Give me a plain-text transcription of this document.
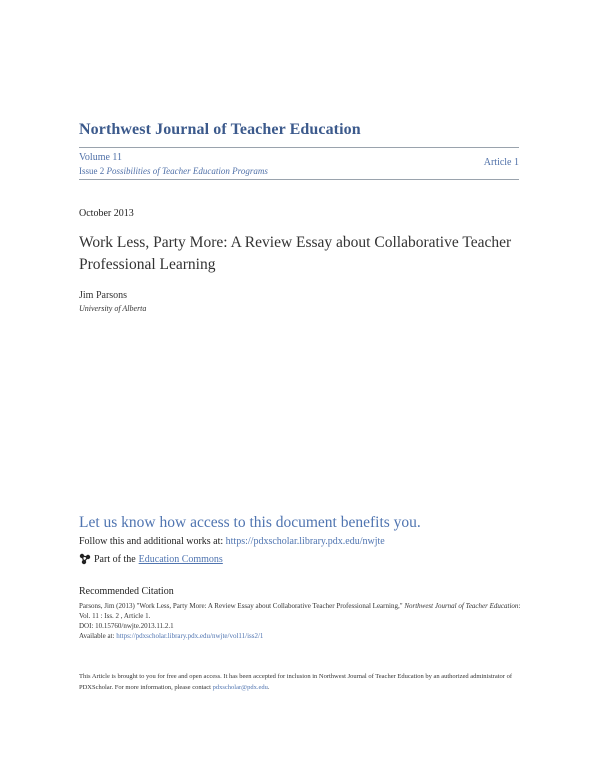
Northwest Journal of Teacher Education
Volume 11
Issue 2 Possibilities of Teacher Education Programs
Article 1
October 2013
Work Less, Party More: A Review Essay about Collaborative Teacher Professional Learning
Jim Parsons
University of Alberta
Let us know how access to this document benefits you.
Follow this and additional works at: https://pdxscholar.library.pdx.edu/nwjte
Part of the Education Commons
Recommended Citation
Parsons, Jim (2013) "Work Less, Party More: A Review Essay about Collaborative Teacher Professional Learning," Northwest Journal of Teacher Education: Vol. 11 : Iss. 2 , Article 1.
DOI: 10.15760/nwjte.2013.11.2.1
Available at: https://pdxscholar.library.pdx.edu/nwjte/vol11/iss2/1
This Article is brought to you for free and open access. It has been accepted for inclusion in Northwest Journal of Teacher Education by an authorized administrator of PDXScholar. For more information, please contact pdxscholar@pdx.edu.
